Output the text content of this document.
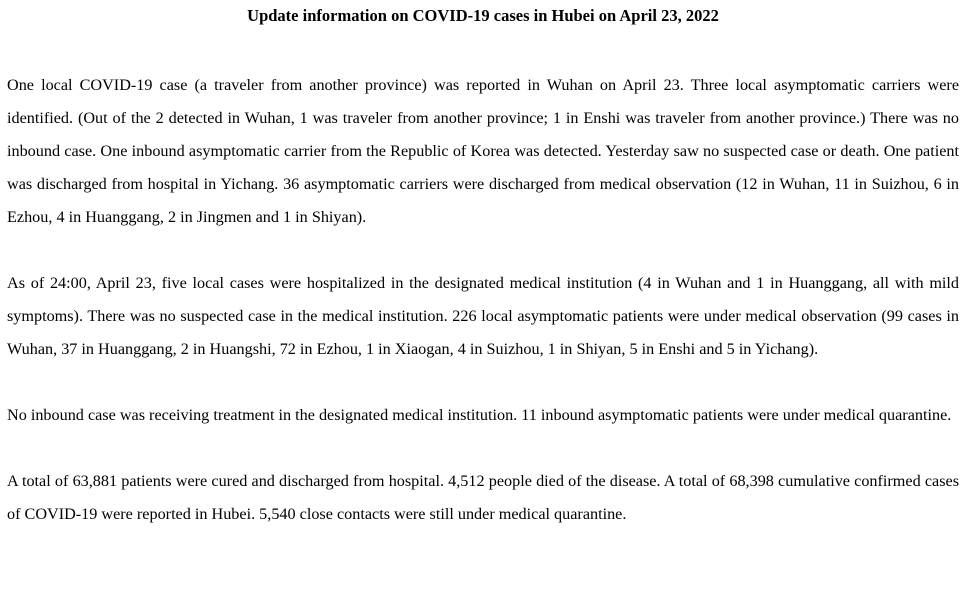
Update information on COVID-19 cases in Hubei on April 23, 2022

One local COVID-19 case (a traveler from another province) was reported in Wuhan on April 23. Three local asymptomatic carriers were identified. (Out of the 2 detected in Wuhan, 1 was traveler from another province; 1 in Enshi was traveler from another province.) There was no inbound case. One inbound asymptomatic carrier from the Republic of Korea was detected. Yesterday saw no suspected case or death. One patient was discharged from hospital in Yichang. 36 asymptomatic carriers were discharged from medical observation (12 in Wuhan, 11 in Suizhou, 6 in Ezhou, 4 in Huanggang, 2 in Jingmen and 1 in Shiyan).

As of 24:00, April 23, five local cases were hospitalized in the designated medical institution (4 in Wuhan and 1 in Huanggang, all with mild symptoms). There was no suspected case in the medical institution. 226 local asymptomatic patients were under medical observation (99 cases in Wuhan, 37 in Huanggang, 2 in Huangshi, 72 in Ezhou, 1 in Xiaogan, 4 in Suizhou, 1 in Shiyan, 5 in Enshi and 5 in Yichang).

No inbound case was receiving treatment in the designated medical institution. 11 inbound asymptomatic patients were under medical quarantine.

A total of 63,881 patients were cured and discharged from hospital. 4,512 people died of the disease. A total of 68,398 cumulative confirmed cases of COVID-19 were reported in Hubei. 5,540 close contacts were still under medical quarantine.
